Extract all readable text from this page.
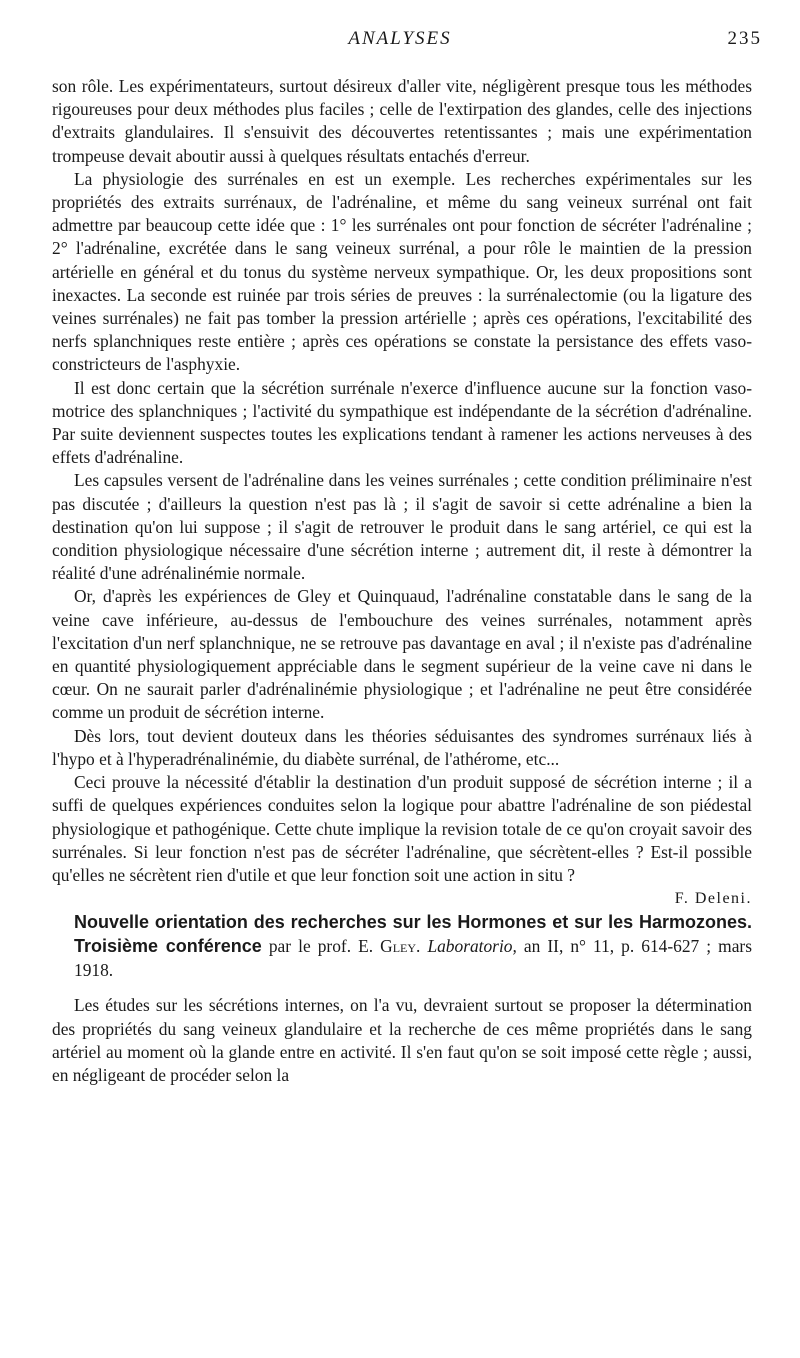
ANALYSES	235

son rôle. Les expérimentateurs, surtout désireux d'aller vite, négligèrent presque tous les méthodes rigoureuses pour deux méthodes plus faciles ; celle de l'extirpation des glandes, celle des injections d'extraits glandulaires. Il s'ensuivit des découvertes retentissantes ; mais une expérimentation trompeuse devait aboutir aussi à quelques résultats entachés d'erreur.

La physiologie des surrénales en est un exemple. Les recherches expérimentales sur les propriétés des extraits surrénaux, de l'adrénaline, et même du sang veineux surrénal ont fait admettre par beaucoup cette idée que : 1° les surrénales ont pour fonction de sécréter l'adrénaline ; 2° l'adrénaline, excrétée dans le sang veineux surrénal, a pour rôle le maintien de la pression artérielle en général et du tonus du système nerveux sympathique. Or, les deux propositions sont inexactes. La seconde est ruinée par trois séries de preuves : la surrénalectomie (ou la ligature des veines surrénales) ne fait pas tomber la pression artérielle ; après ces opérations, l'excitabilité des nerfs splanchniques reste entière ; après ces opérations se constate la persistance des effets vaso-constricteurs de l'asphyxie.

Il est donc certain que la sécrétion surrénale n'exerce d'influence aucune sur la fonction vaso-motrice des splanchniques ; l'activité du sympathique est indépendante de la sécrétion d'adrénaline. Par suite deviennent suspectes toutes les explications tendant à ramener les actions nerveuses à des effets d'adrénaline.

Les capsules versent de l'adrénaline dans les veines surrénales ; cette condition préliminaire n'est pas discutée ; d'ailleurs la question n'est pas là ; il s'agit de savoir si cette adrénaline a bien la destination qu'on lui suppose ; il s'agit de retrouver le produit dans le sang artériel, ce qui est la condition physiologique nécessaire d'une sécrétion interne ; autrement dit, il reste à démontrer la réalité d'une adrénalinémie normale.

Or, d'après les expériences de Gley et Quinquaud, l'adrénaline constatable dans le sang de la veine cave inférieure, au-dessus de l'embouchure des veines surrénales, notamment après l'excitation d'un nerf splanchnique, ne se retrouve pas davantage en aval ; il n'existe pas d'adrénaline en quantité physiologiquement appréciable dans le segment supérieur de la veine cave ni dans le cœur. On ne saurait parler d'adrénalinémie physiologique ; et l'adrénaline ne peut être considérée comme un produit de sécrétion interne.

Dès lors, tout devient douteux dans les théories séduisantes des syndromes surrénaux liés à l'hypo et à l'hyperadrénalinémie, du diabète surrénal, de l'athérome, etc...

Ceci prouve la nécessité d'établir la destination d'un produit supposé de sécrétion interne ; il a suffi de quelques expériences conduites selon la logique pour abattre l'adrénaline de son piédestal physiologique et pathogénique. Cette chute implique la revision totale de ce qu'on croyait savoir des surrénales. Si leur fonction n'est pas de sécréter l'adrénaline, que sécrètent-elles ? Est-il possible qu'elles ne sécrètent rien d'utile et que leur fonction soit une action in situ ?

F. Deleni.

Nouvelle orientation des recherches sur les Hormones et sur les Harmozones. Troisième conférence par le prof. E. Gley. Laboratorio, an II, n° 11, p. 614-627 ; mars 1918.

Les études sur les sécrétions internes, on l'a vu, devraient surtout se proposer la détermination des propriétés du sang veineux glandulaire et la recherche de ces même propriétés dans le sang artériel au moment où la glande entre en activité. Il s'en faut qu'on se soit imposé cette règle ; aussi, en négligeant de procéder selon la
